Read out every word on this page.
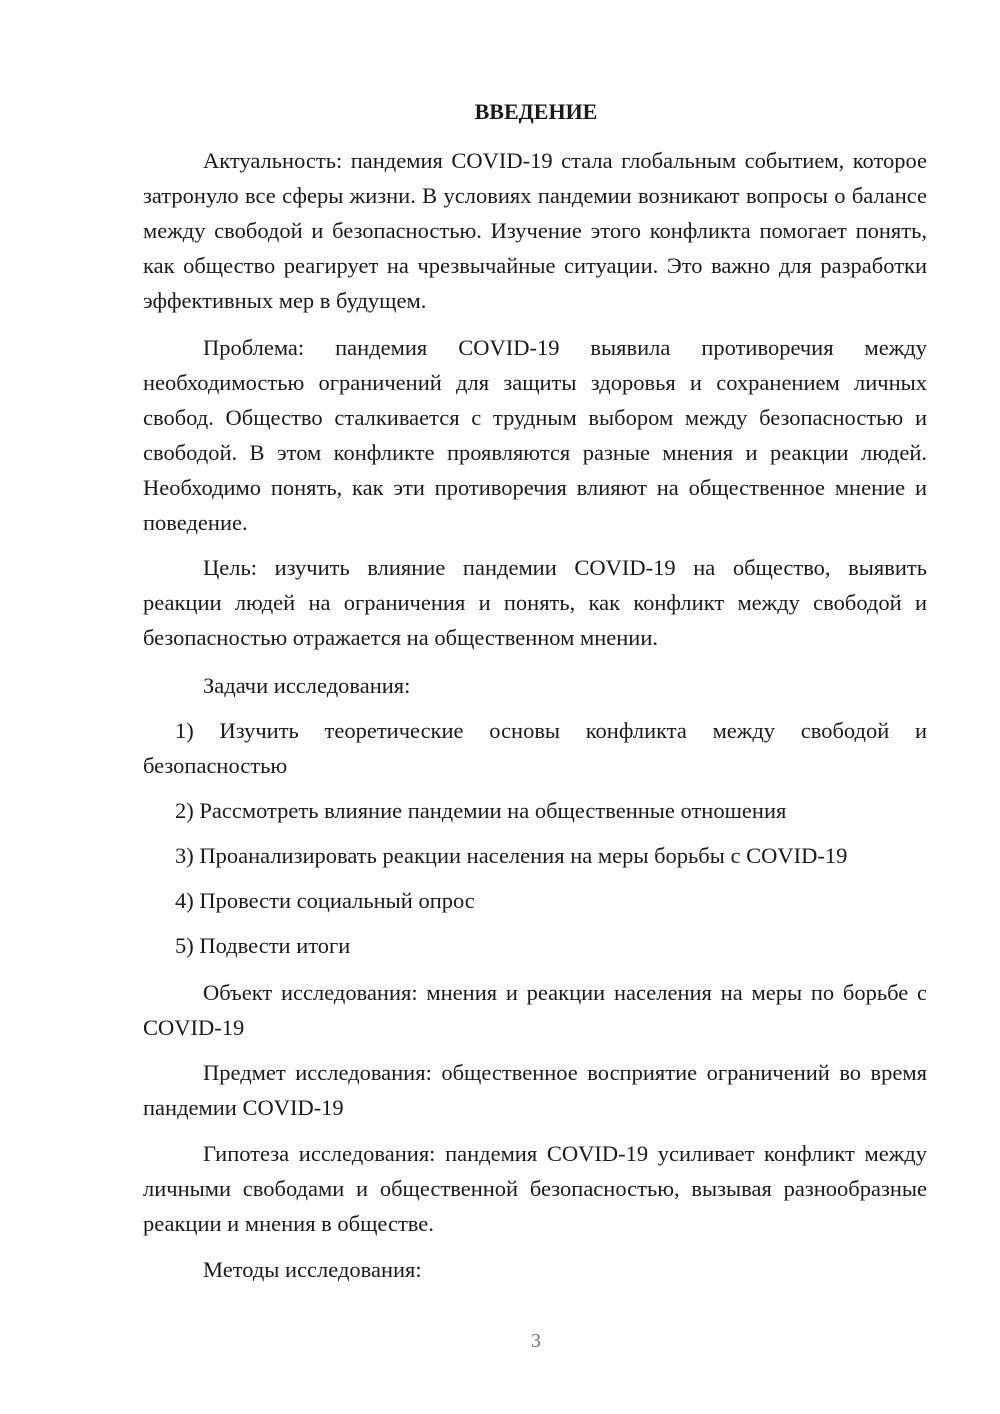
ВВЕДЕНИЕ

Актуальность: пандемия COVID-19 стала глобальным событием, которое затронуло все сферы жизни. В условиях пандемии возникают вопросы о балансе между свободой и безопасностью. Изучение этого конфликта помогает понять, как общество реагирует на чрезвычайные ситуации. Это важно для разработки эффективных мер в будущем.

Проблема: пандемия COVID-19 выявила противоречия между необходимостью ограничений для защиты здоровья и сохранением личных свобод. Общество сталкивается с трудным выбором между безопасностью и свободой. В этом конфликте проявляются разные мнения и реакции людей. Необходимо понять, как эти противоречия влияют на общественное мнение и поведение.

Цель: изучить влияние пандемии COVID-19 на общество, выявить реакции людей на ограничения и понять, как конфликт между свободой и безопасностью отражается на общественном мнении.

Задачи исследования:

1) Изучить теоретические основы конфликта между свободой и безопасностью

2) Рассмотреть влияние пандемии на общественные отношения

3) Проанализировать реакции населения на меры борьбы с COVID-19

4) Провести социальный опрос

5) Подвести итоги

Объект исследования: мнения и реакции населения на меры по борьбе с COVID-19

Предмет исследования: общественное восприятие ограничений во время пандемии COVID-19

Гипотеза исследования: пандемия COVID-19 усиливает конфликт между личными свободами и общественной безопасностью, вызывая разнообразные реакции и мнения в обществе.

Методы исследования:

3
